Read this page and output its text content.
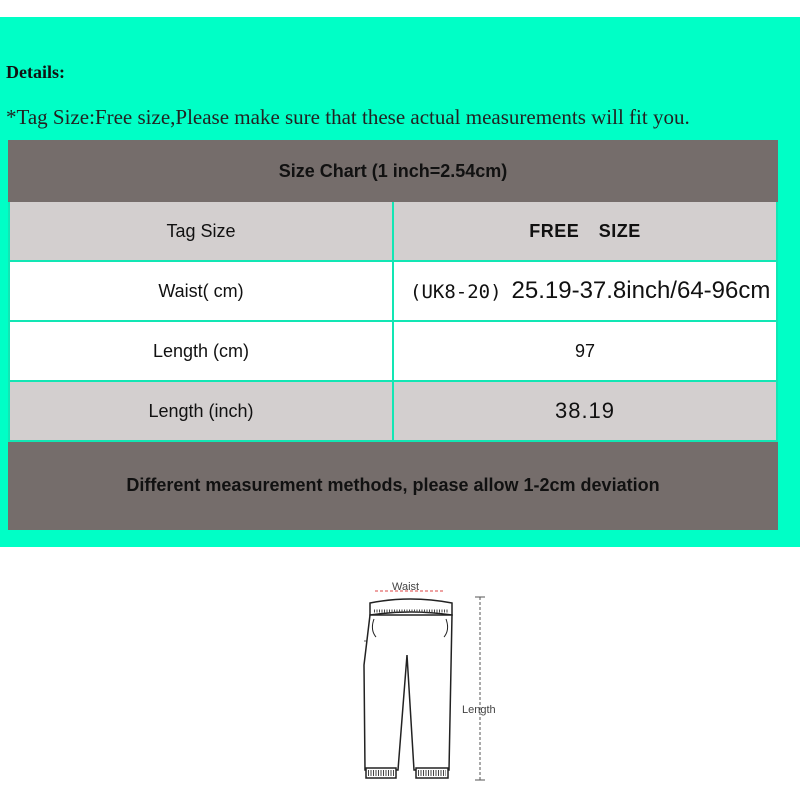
Details:
*Tag Size:Free size,Please make sure that these actual measurements will fit you.
Size Chart (1 inch=2.54cm)	
Tag Size	FREE SIZE
Waist( cm)	(UK8-20) 25.19-37.8inch/64-96cm
Length (cm)	97
Length (inch)	38.19
Different measurement methods, please allow 1-2cm deviation	
Waist
Length
